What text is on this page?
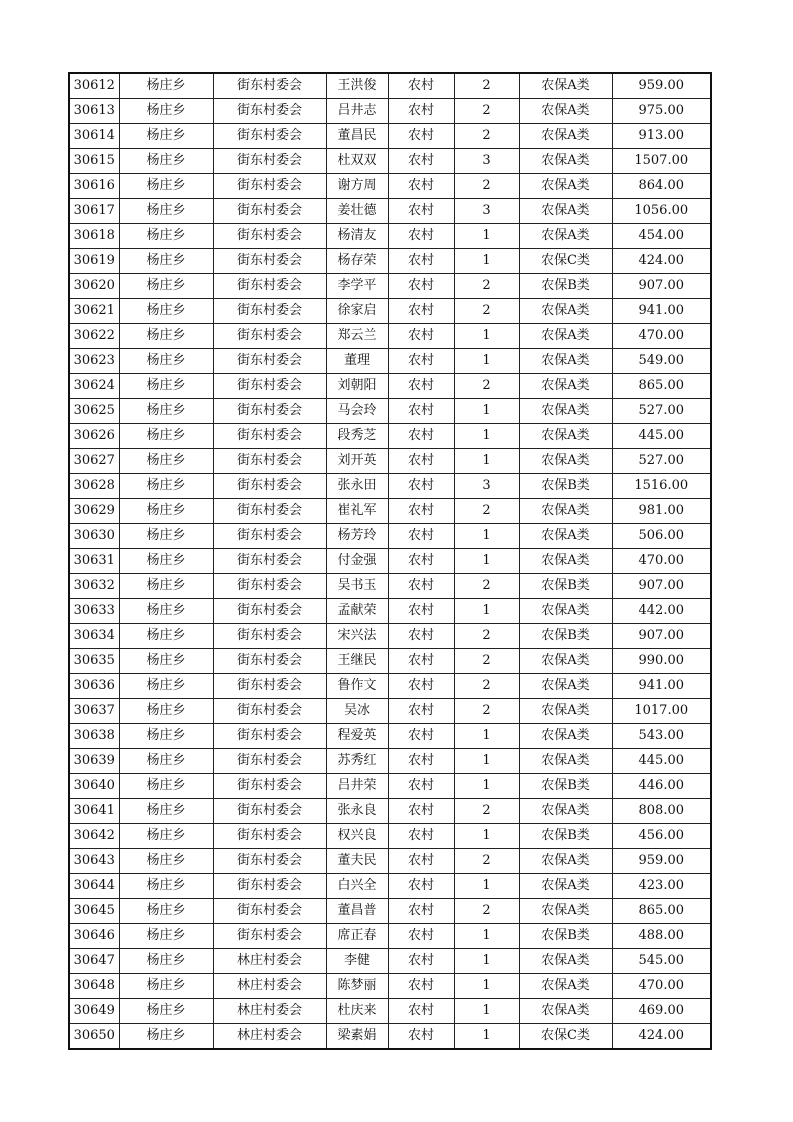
30612	杨庄乡	街东村委会	王洪俊	农村	2	农保A类	959.00
30613	杨庄乡	街东村委会	吕井志	农村	2	农保A类	975.00
30614	杨庄乡	街东村委会	董昌民	农村	2	农保A类	913.00
30615	杨庄乡	街东村委会	杜双双	农村	3	农保A类	1507.00
30616	杨庄乡	街东村委会	谢方周	农村	2	农保A类	864.00
30617	杨庄乡	街东村委会	姜壮德	农村	3	农保A类	1056.00
30618	杨庄乡	街东村委会	杨清友	农村	1	农保A类	454.00
30619	杨庄乡	街东村委会	杨存荣	农村	1	农保C类	424.00
30620	杨庄乡	街东村委会	李学平	农村	2	农保B类	907.00
30621	杨庄乡	街东村委会	徐家启	农村	2	农保A类	941.00
30622	杨庄乡	街东村委会	郑云兰	农村	1	农保A类	470.00
30623	杨庄乡	街东村委会	董理	农村	1	农保A类	549.00
30624	杨庄乡	街东村委会	刘朝阳	农村	2	农保A类	865.00
30625	杨庄乡	街东村委会	马会玲	农村	1	农保A类	527.00
30626	杨庄乡	街东村委会	段秀芝	农村	1	农保A类	445.00
30627	杨庄乡	街东村委会	刘开英	农村	1	农保A类	527.00
30628	杨庄乡	街东村委会	张永田	农村	3	农保B类	1516.00
30629	杨庄乡	街东村委会	崔礼军	农村	2	农保A类	981.00
30630	杨庄乡	街东村委会	杨芳玲	农村	1	农保A类	506.00
30631	杨庄乡	街东村委会	付金强	农村	1	农保A类	470.00
30632	杨庄乡	街东村委会	吴书玉	农村	2	农保B类	907.00
30633	杨庄乡	街东村委会	孟献荣	农村	1	农保A类	442.00
30634	杨庄乡	街东村委会	宋兴法	农村	2	农保B类	907.00
30635	杨庄乡	街东村委会	王继民	农村	2	农保A类	990.00
30636	杨庄乡	街东村委会	鲁作文	农村	2	农保A类	941.00
30637	杨庄乡	街东村委会	吴冰	农村	2	农保A类	1017.00
30638	杨庄乡	街东村委会	程爱英	农村	1	农保A类	543.00
30639	杨庄乡	街东村委会	苏秀红	农村	1	农保A类	445.00
30640	杨庄乡	街东村委会	吕井荣	农村	1	农保B类	446.00
30641	杨庄乡	街东村委会	张永良	农村	2	农保A类	808.00
30642	杨庄乡	街东村委会	权兴良	农村	1	农保B类	456.00
30643	杨庄乡	街东村委会	董夫民	农村	2	农保A类	959.00
30644	杨庄乡	街东村委会	白兴全	农村	1	农保A类	423.00
30645	杨庄乡	街东村委会	董昌普	农村	2	农保A类	865.00
30646	杨庄乡	街东村委会	席正春	农村	1	农保B类	488.00
30647	杨庄乡	林庄村委会	李健	农村	1	农保A类	545.00
30648	杨庄乡	林庄村委会	陈梦丽	农村	1	农保A类	470.00
30649	杨庄乡	林庄村委会	杜庆来	农村	1	农保A类	469.00
30650	杨庄乡	林庄村委会	梁素娟	农村	1	农保C类	424.00
